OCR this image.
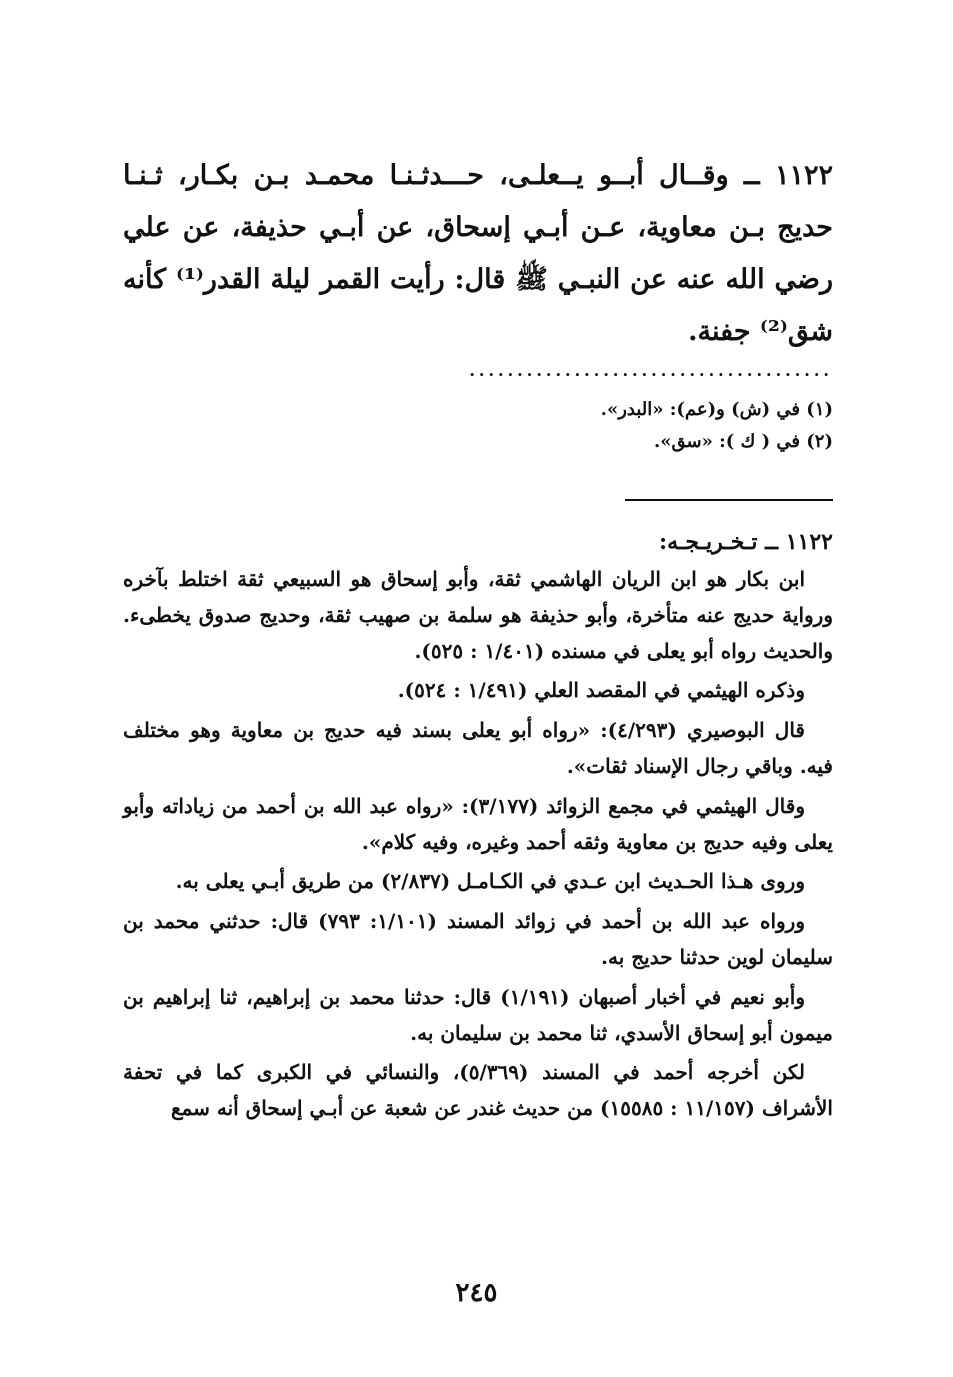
١١٢٢ ــ وقــال أبــو يــعلـى، حـــدثـنـا محمـد بـن بكـار، ثـنـا حديج بـن معاوية، عـن أبـي إسحاق، عن أبـي حذيفة، عن علي رضي الله عنه عن النبـي ﷺ قال: رأيت القمر ليلة القدر⁽¹⁾ كأنه شق⁽²⁾ جفنة.

......................................

(١) في (ش) و(عم): «البدر».

(٢) في ( ك ): «سق».

١١٢٢ ــ تـخـريـجـه:

ابن بكار هو ابن الريان الهاشمي ثقة، وأبو إسحاق هو السبيعي ثقة اختلط بآخره ورواية حديج عنه متأخرة، وأبو حذيفة هو سلمة بن صهيب ثقة، وحديج صدوق يخطىء. والحديث رواه أبو يعلى في مسنده (١/٤٠١ : ٥٢٥).

وذكره الهيثمي في المقصد العلي (١/٤٩١ : ٥٢٤).

قال البوصيري (٤/٢٩٣): «رواه أبو يعلى بسند فيه حديج بن معاوية وهو مختلف فيه. وباقي رجال الإسناد ثقات».

وقال الهيثمي في مجمع الزوائد (٣/١٧٧): «رواه عبد الله بن أحمد من زياداته وأبو يعلى وفيه حديج بن معاوية وثقه أحمد وغيره، وفيه كلام».

وروى هـذا الحـديث ابن عـدي في الكـامـل (٢/٨٣٧) من طريق أبـي يعلى به.

ورواه عبد الله بن أحمد في زوائد المسند (١/١٠١: ٧٩٣) قال: حدثني محمد بن سليمان لوين حدثنا حديج به.

وأبو نعيم في أخبار أصبهان (١/١٩١) قال: حدثنا محمد بن إبراهيم، ثنا إبراهيم بن ميمون أبو إسحاق الأسدي، ثنا محمد بن سليمان به.

لكن أخرجه أحمد في المسند (٥/٣٦٩)، والنسائي في الكبرى كما في تحفة الأشراف (١١/١٥٧ : ١٥٥٨٥) من حديث غندر عن شعبة عن أبـي إسحاق أنه سمع

٢٤٥
